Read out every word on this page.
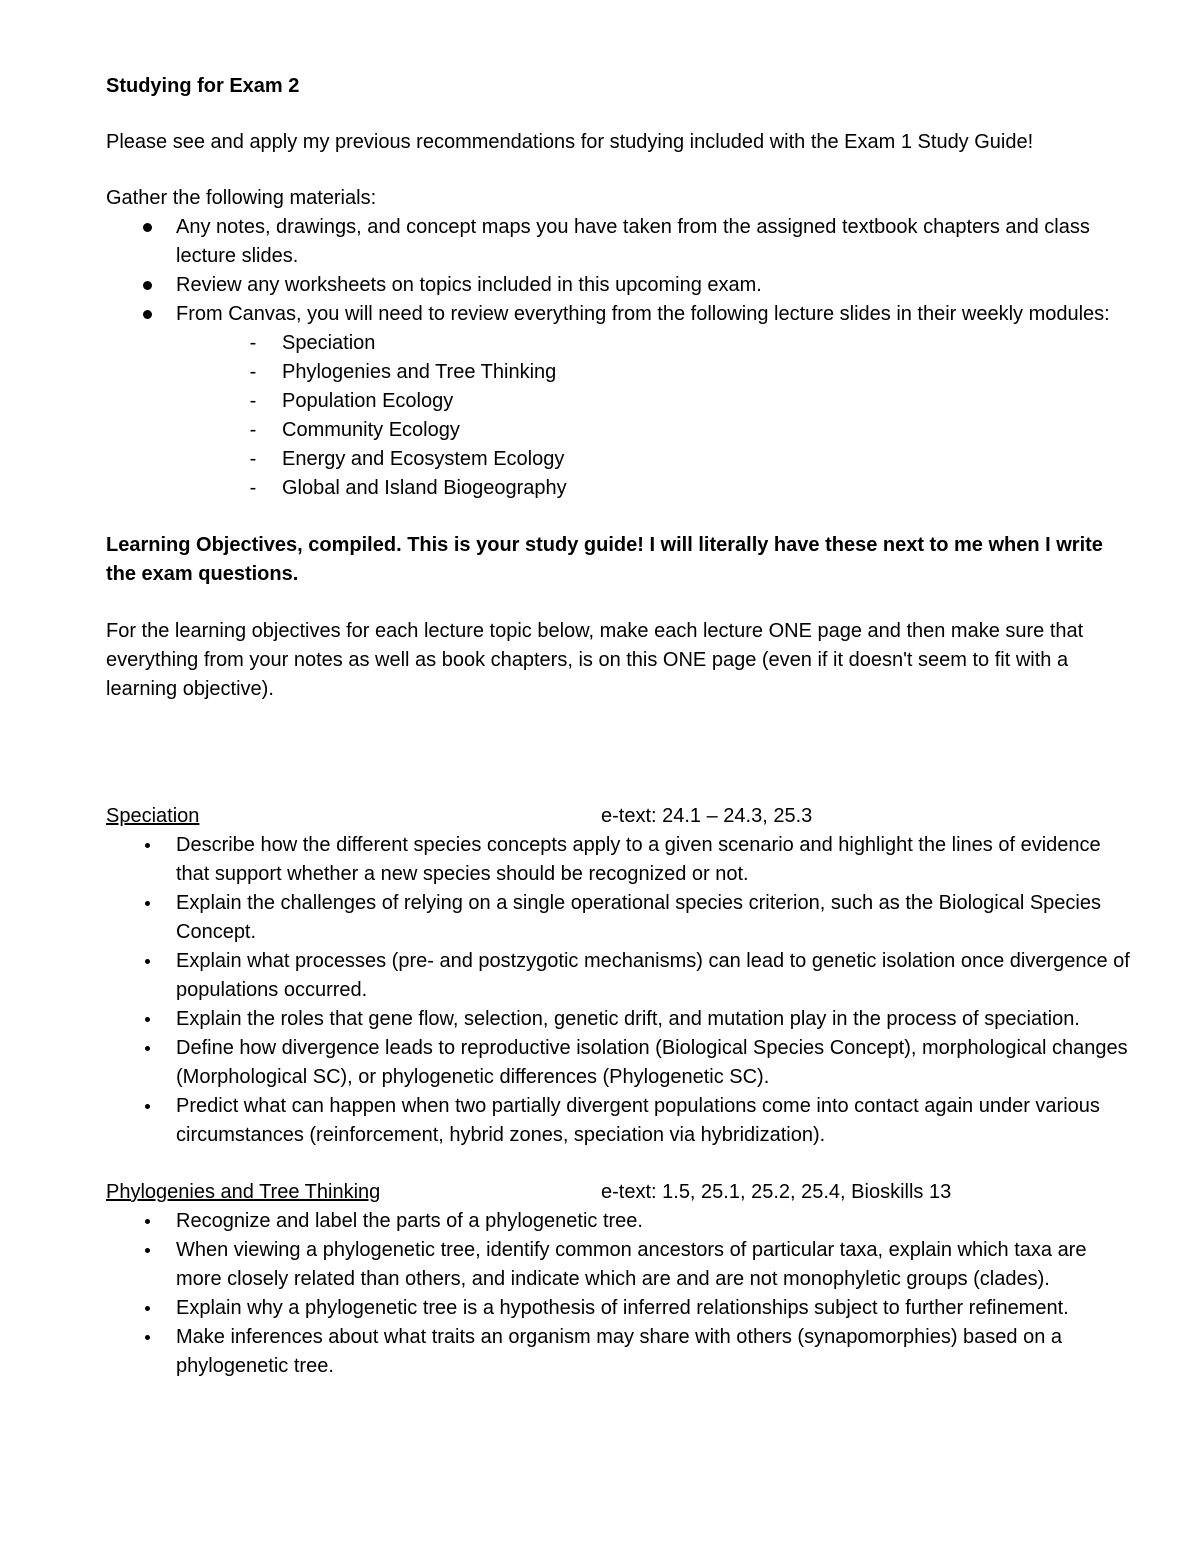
Studying for Exam 2

Please see and apply my previous recommendations for studying included with the Exam 1 Study Guide!

Gather the following materials:

Any notes, drawings, and concept maps you have taken from the assigned textbook chapters and class lecture slides.
Review any worksheets on topics included in this upcoming exam.
From Canvas, you will need to review everything from the following lecture slides in their weekly modules:
- Speciation
- Phylogenies and Tree Thinking
- Population Ecology
- Community Ecology
- Energy and Ecosystem Ecology
- Global and Island Biogeography

Learning Objectives, compiled. This is your study guide! I will literally have these next to me when I write the exam questions.

For the learning objectives for each lecture topic below, make each lecture ONE page and then make sure that everything from your notes as well as book chapters, is on this ONE page (even if it doesn't seem to fit with a learning objective).

Speciation	e-text: 24.1 – 24.3, 25.3
Describe how the different species concepts apply to a given scenario and highlight the lines of evidence that support whether a new species should be recognized or not.
Explain the challenges of relying on a single operational species criterion, such as the Biological Species Concept.
Explain what processes (pre- and postzygotic mechanisms) can lead to genetic isolation once divergence of populations occurred.
Explain the roles that gene flow, selection, genetic drift, and mutation play in the process of speciation.
Define how divergence leads to reproductive isolation (Biological Species Concept), morphological changes (Morphological SC), or phylogenetic differences (Phylogenetic SC).
Predict what can happen when two partially divergent populations come into contact again under various circumstances (reinforcement, hybrid zones, speciation via hybridization).
Phylogenies and Tree Thinking	e-text: 1.5, 25.1, 25.2, 25.4, Bioskills 13
Recognize and label the parts of a phylogenetic tree.
When viewing a phylogenetic tree, identify common ancestors of particular taxa, explain which taxa are more closely related than others, and indicate which are and are not monophyletic groups (clades).
Explain why a phylogenetic tree is a hypothesis of inferred relationships subject to further refinement.
Make inferences about what traits an organism may share with others (synapomorphies) based on a phylogenetic tree.
